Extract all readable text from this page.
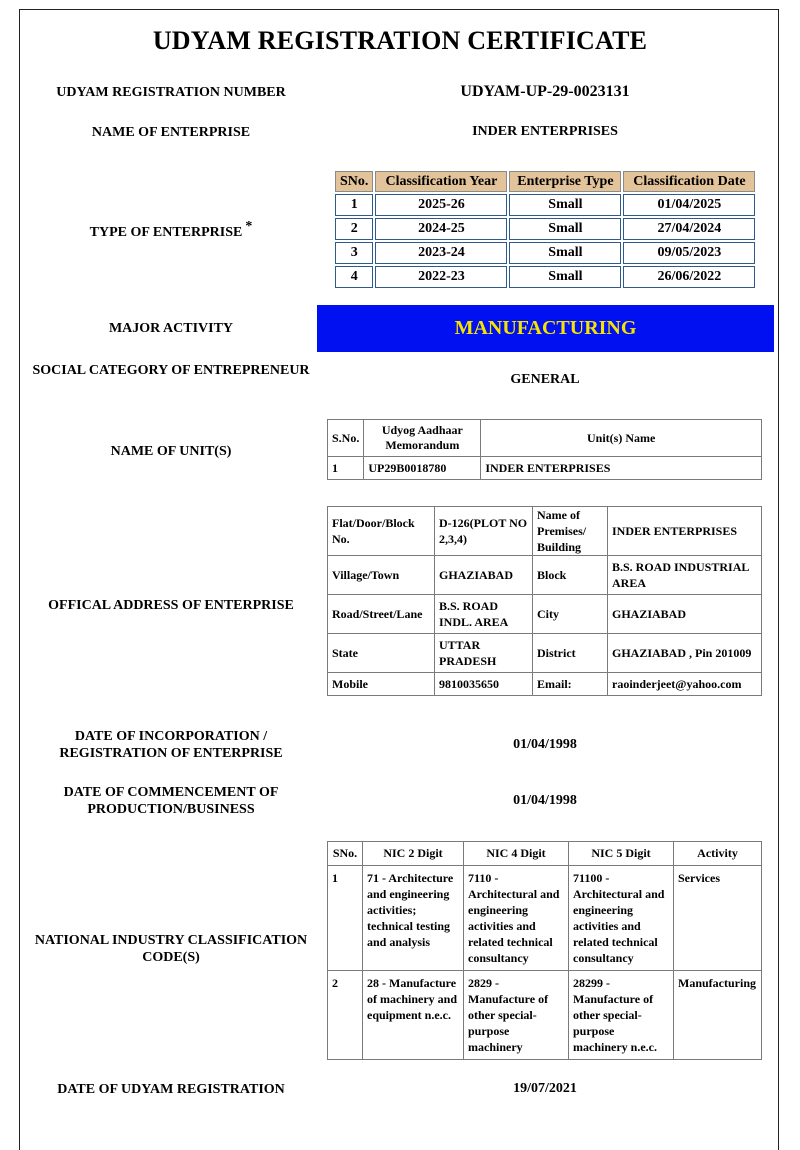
UDYAM REGISTRATION CERTIFICATE
UDYAM REGISTRATION NUMBER	UDYAM-UP-29-0023131
NAME OF ENTERPRISE	INDER ENTERPRISES
TYPE OF ENTERPRISE *
SNo.	Classification Year	Enterprise Type	Classification Date
1	2025-26	Small	01/04/2025
2	2024-25	Small	27/04/2024
3	2023-24	Small	09/05/2023
4	2022-23	Small	26/06/2022
MAJOR ACTIVITY	MANUFACTURING
SOCIAL CATEGORY OF ENTREPRENEUR
GENERAL
NAME OF UNIT(S)
S.No.	Udyog Aadhaar Memorandum	Unit(s) Name
1	UP29B0018780	INDER ENTERPRISES
OFFICAL ADDRESS OF ENTERPRISE
Flat/Door/Block No.	D-126(PLOT NO 2,3,4)	Name of Premises/ Building	INDER ENTERPRISES
Village/Town	GHAZIABAD	Block	B.S. ROAD INDUSTRIAL AREA
Road/Street/Lane	B.S. ROAD INDL. AREA	City	GHAZIABAD
State	UTTAR PRADESH	District	GHAZIABAD , Pin 201009
Mobile	9810035650	Email:	raoinderjeet@yahoo.com
DATE OF INCORPORATION / REGISTRATION OF ENTERPRISE
01/04/1998
DATE OF COMMENCEMENT OF PRODUCTION/BUSINESS
01/04/1998
NATIONAL INDUSTRY CLASSIFICATION CODE(S)
SNo.	NIC 2 Digit	NIC 4 Digit	NIC 5 Digit	Activity
1	71 - Architecture and engineering activities; technical testing and analysis	7110 - Architectural and engineering activities and related technical consultancy	71100 - Architectural and engineering activities and related technical consultancy	Services
2	28 - Manufacture of machinery and equipment n.e.c.	2829 - Manufacture of other special-purpose machinery	28299 - Manufacture of other special-purpose machinery n.e.c.	Manufacturing
DATE OF UDYAM REGISTRATION	19/07/2021
